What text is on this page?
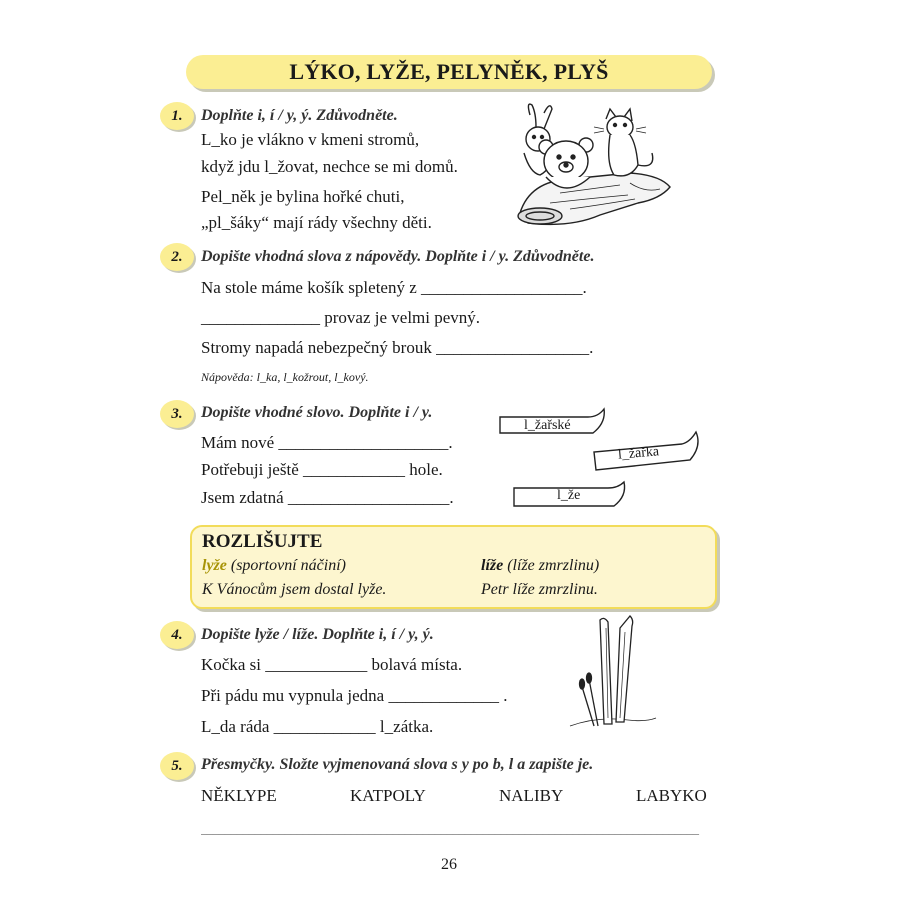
LÝKO, LYŽE, PELYNĚK, PLYŠ
1.	Doplňte i, í / y, ý. Zdůvodněte.
L_ko je vlákno v kmeni stromů,
když jdu l_žovat, nechce se mi domů.
Pel_něk je bylina hořké chuti,
„pl_šáky“ mají rády všechny děti.
2.	Dopište vhodná slova z nápovědy. Doplňte i / y. Zdůvodněte.
Na stole máme košík spletený z ___________________.
______________ provaz je velmi pevný.
Stromy napadá nebezpečný brouk __________________.
Nápověda: l_ka, l_kožrout, l_kový.
3.	Dopište vhodné slovo. Doplňte i / y.
Mám nové ____________________.
Potřebuji ještě ____________ hole.
Jsem zdatná ___________________.
l_žařské
l_žařka
l_že
ROZLIŠUJTE
lyže (sportovní náčiní)	líže (líže zmrzlinu)
K Vánocům jsem dostal lyže.	Petr líže zmrzlinu.
4.	Dopište lyže / líže. Doplňte i, í / y, ý.
Kočka si ____________ bolavá místa.
Při pádu mu vypnula jedna _____________ .
L_da ráda ____________ l_zátka.
5.	Přesmyčky. Složte vyjmenovaná slova s y po b, l a zapište je.
NĚKLYPE	KATPOLY	NALIBY	LABYKO
___________________________________________________________________________________
26
